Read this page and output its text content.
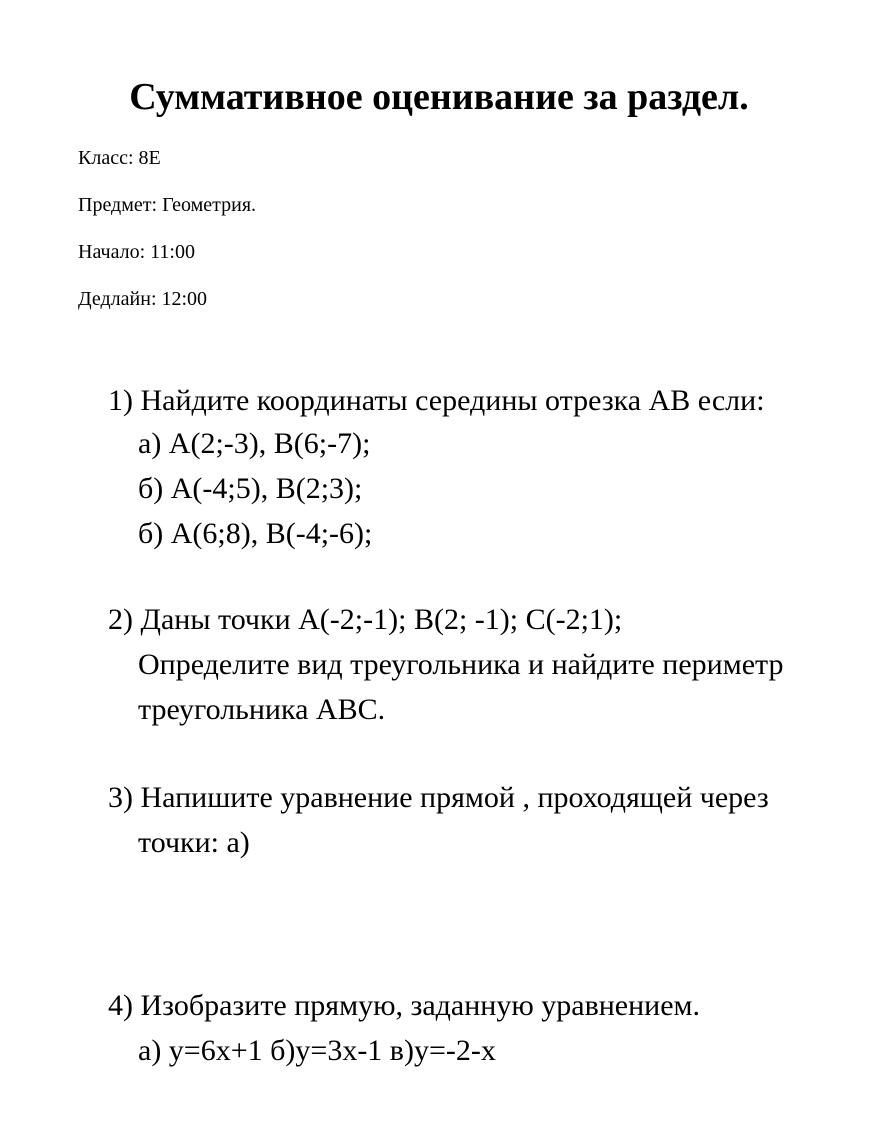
Суммативное оценивание за раздел.
Класс: 8Е
Предмет: Геометрия.
Начало: 11:00
Дедлайн: 12:00
1) Найдите координаты середины отрезка АВ если:
а) А(2;-3), В(6;-7);
б) А(-4;5), В(2;3);
б) А(6;8), В(-4;-6);
2) Даны точки А(-2;-1); В(2; -1); С(-2;1);
Определите вид треугольника и найдите периметр
треугольника АВС.
3) Напишите уравнение прямой , проходящей через
точки: а)
4) Изобразите прямую, заданную уравнением.
а) y=6x+1 б)y=3x-1 в)y=-2-x
